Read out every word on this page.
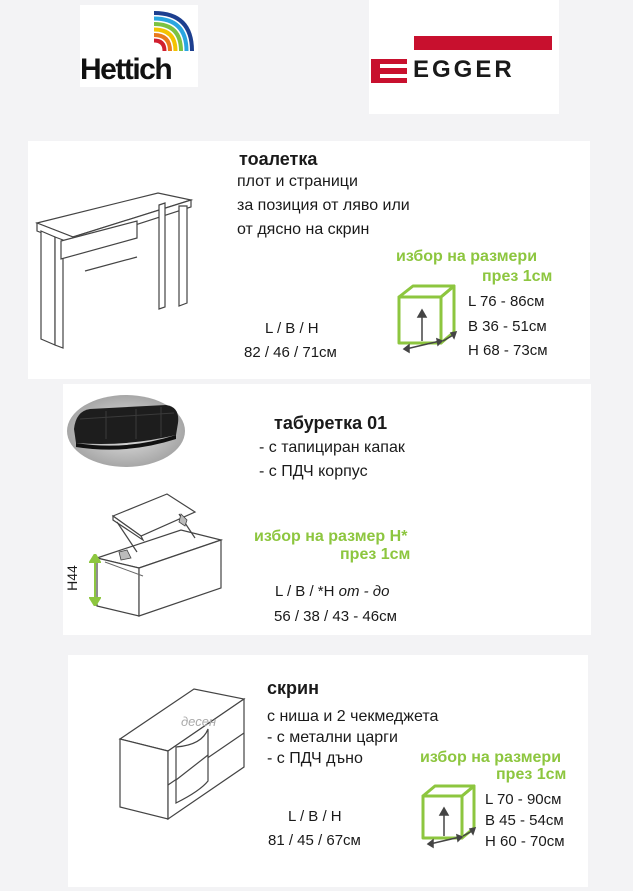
Hettich	EGGER
тоалетка
плот и страници
за позиция от ляво или
от дясно на скрин
избор на размери
през 1см
L / B / H
82 / 46 / 71см
L 76 - 86см
B 36 - 51см
H 68 - 73см
табуретка 01
- с тапициран капак
- с ПДЧ корпус
избор на размер H*
през 1см
L / B / *H от - до
56 / 38 / 43 - 46см
H44
десен
скрин
с ниша и 2 чекмеджета
- с метални царги
- с ПДЧ дъно	избор на размери
през 1см
L / B / H
81 / 45 / 67см
L 70 - 90см
B 45 - 54см
H 60 - 70см
